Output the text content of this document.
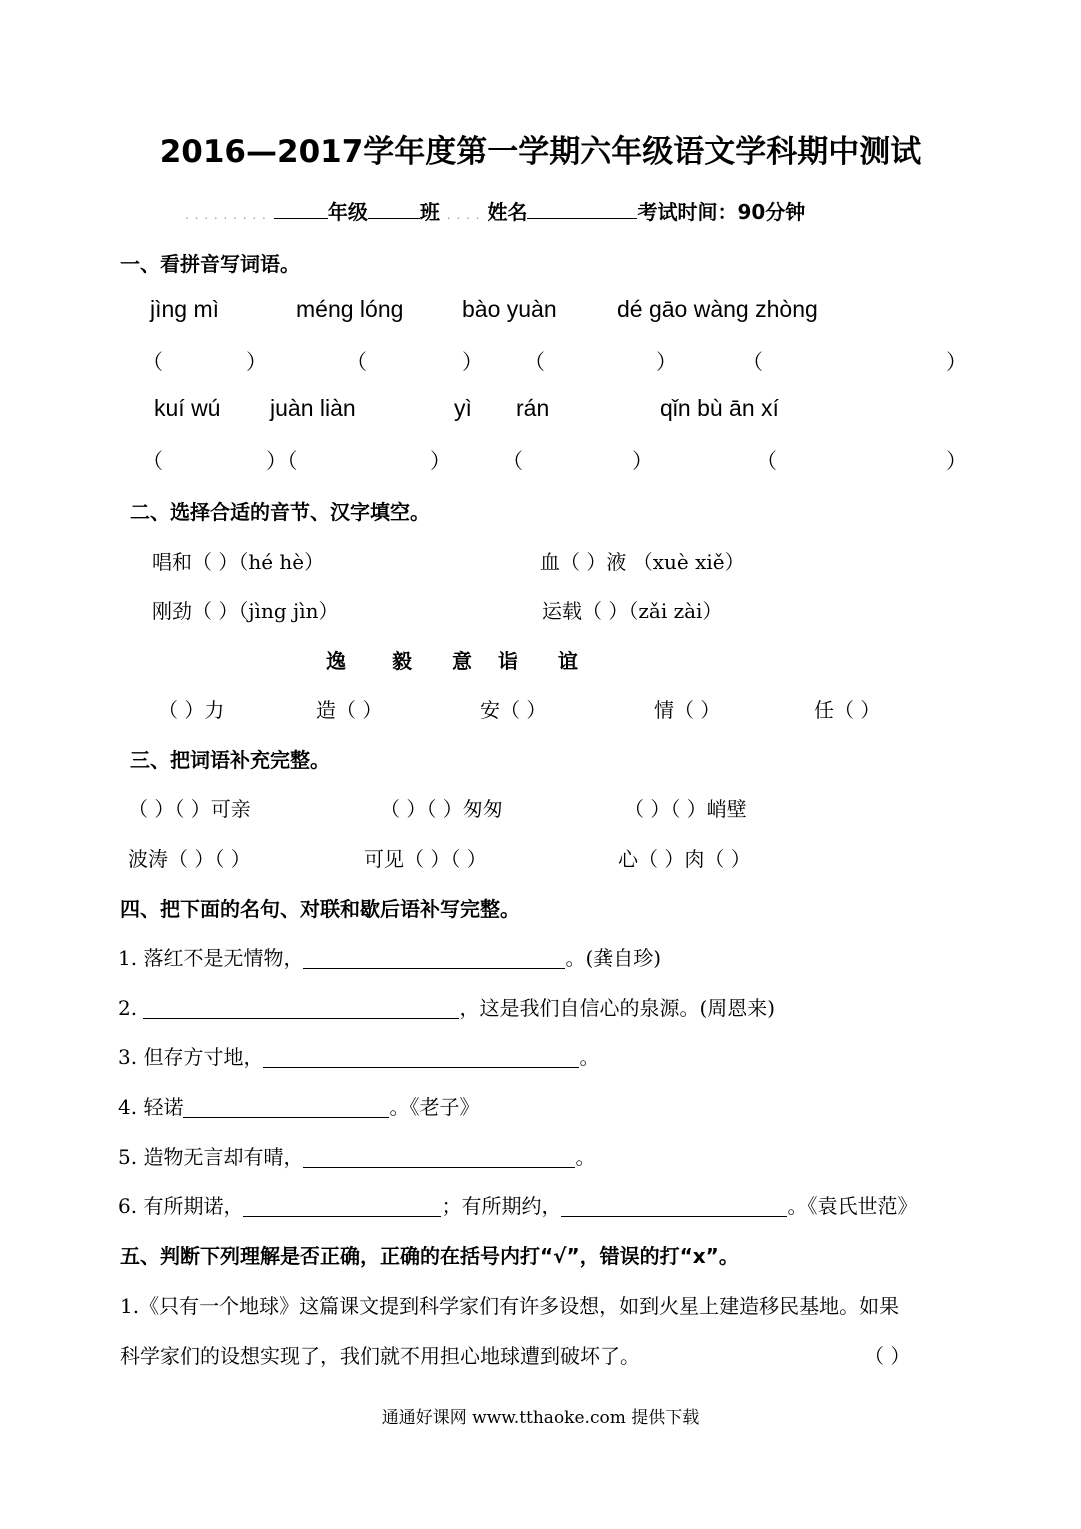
2016—2017学年度第一学期六年级语文学科期中测试
. . . . . . . . .	年级	班 . . . . 姓名	考试时间：90分钟
一、看拼音写词语。
jìng mì	méng lóng	bào yuàn	dé gāo wàng zhòng
（	）	（	） （	）	（	）
kuí wú juàn liàn	yì rán	qǐn bù ān xí
（	）（	） （	）	（	）
二、选择合适的音节、汉字填空。
唱和（ ）（hé hè）	血（ ）液 （xuè xiě）
刚劲（ ）（jìng jìn）	运载（ ）（zǎi zài）
逸 毅 意 诣 谊
（ ）力	造（ ）	安（ ）	情（ ）	任（ ）
三、把词语补充完整。
（ ）（ ）可亲	（ ）（ ）匆匆	（ ）（ ）峭壁
波涛（ ）（ ）	可见（ ）（ ）	心（ ）肉（ ）
四、把下面的名句、对联和歇后语补写完整。
1. 落红不是无情物，	。(龚自珍)
2.	，这是我们自信心的泉源。(周恩来)
3. 但存方寸地，	。
4. 轻诺	。《老子》
5. 造物无言却有晴，	。
6. 有所期诺，	；有所期约，	。《袁氏世范》
五、判断下列理解是否正确，正确的在括号内打“√”，错误的打“x”。
1.《只有一个地球》这篇课文提到科学家们有许多设想，如到火星上建造移民基地。如果
科学家们的设想实现了，我们就不用担心地球遭到破坏了。	（ ）
通通好课网 www.tthaoke.com 提供下载
